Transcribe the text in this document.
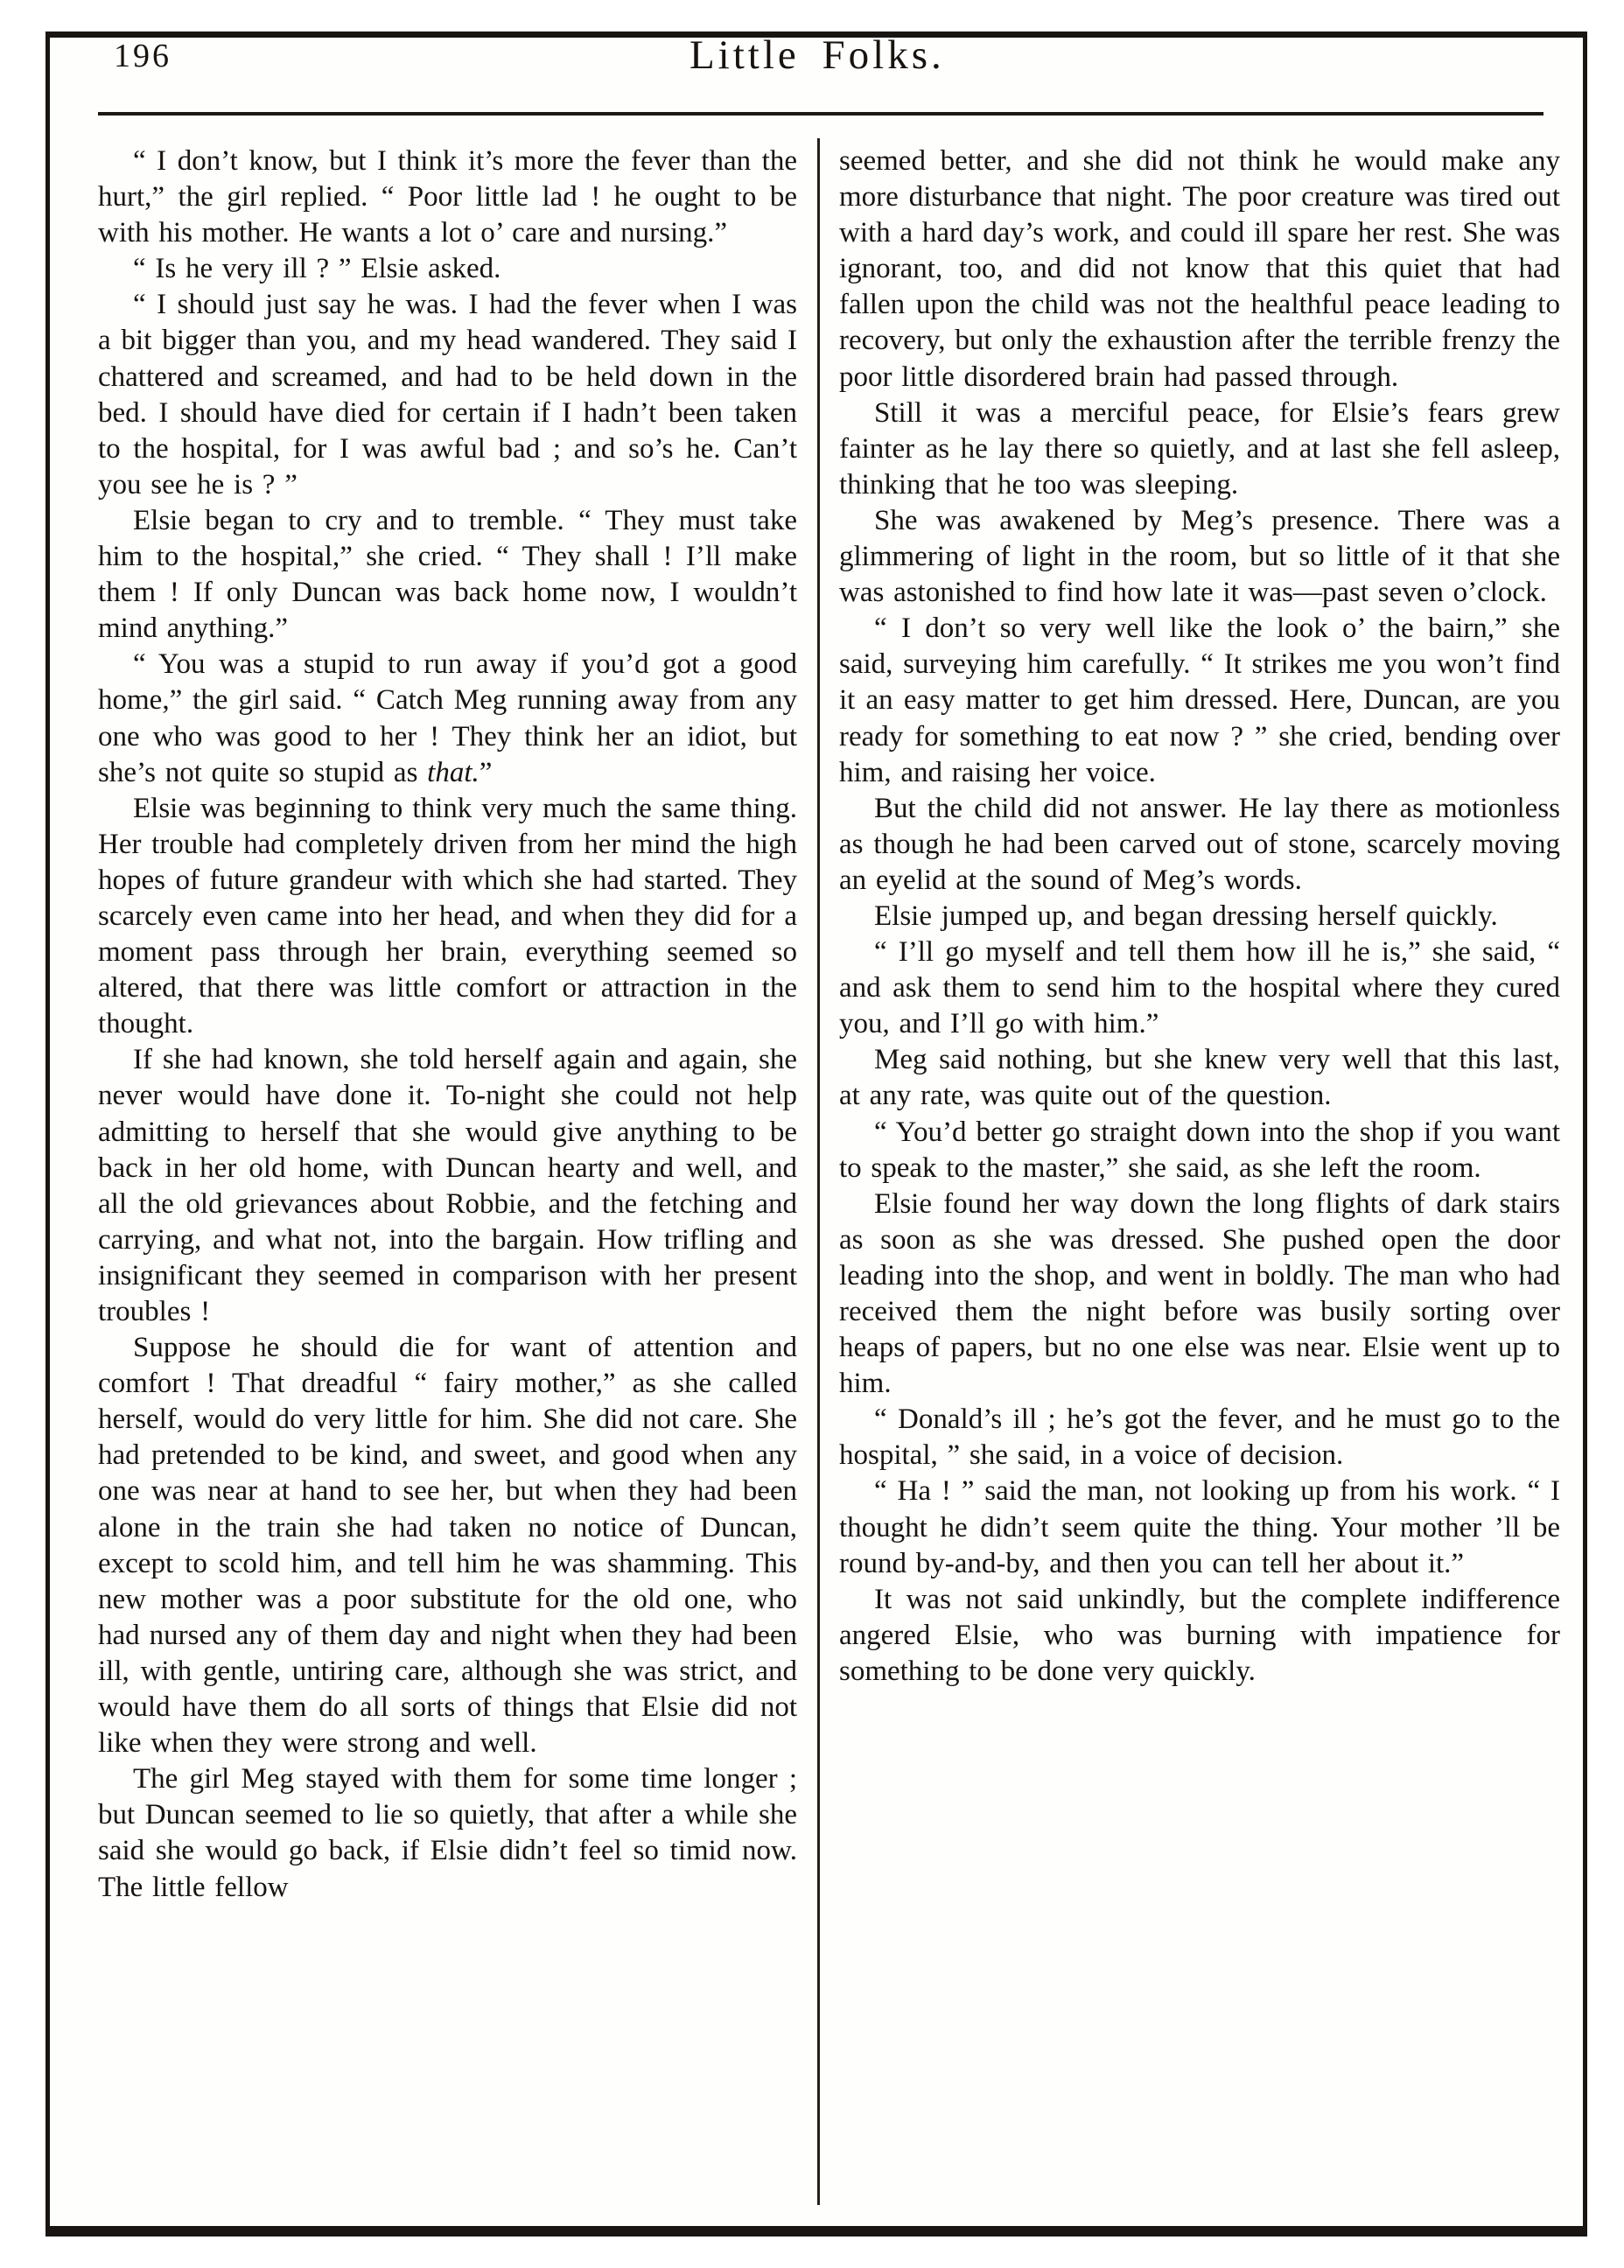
196	Little Folks.

“ I don’t know, but I think it’s more the fever than the hurt,” the girl replied. “ Poor little lad ! he ought to be with his mother. He wants a lot o’ care and nursing.”

“ Is he very ill ? ” Elsie asked.

“ I should just say he was. I had the fever when I was a bit bigger than you, and my head wandered. They said I chattered and screamed, and had to be held down in the bed. I should have died for certain if I hadn’t been taken to the hospital, for I was awful bad ; and so’s he. Can’t you see he is ? ”

Elsie began to cry and to tremble. “ They must take him to the hospital,” she cried. “ They shall ! I’ll make them ! If only Duncan was back home now, I wouldn’t mind anything.”

“ You was a stupid to run away if you’d got a good home,” the girl said. “ Catch Meg running away from any one who was good to her ! They think her an idiot, but she’s not quite so stupid as that.”

Elsie was beginning to think very much the same thing. Her trouble had completely driven from her mind the high hopes of future grandeur with which she had started. They scarcely even came into her head, and when they did for a moment pass through her brain, everything seemed so altered, that there was little comfort or attraction in the thought.

If she had known, she told herself again and again, she never would have done it. To-night she could not help admitting to herself that she would give anything to be back in her old home, with Duncan hearty and well, and all the old grievances about Robbie, and the fetching and carrying, and what not, into the bargain. How trifling and insignificant they seemed in comparison with her present troubles !

Suppose he should die for want of attention and comfort ! That dreadful “ fairy mother,” as she called herself, would do very little for him. She did not care. She had pretended to be kind, and sweet, and good when any one was near at hand to see her, but when they had been alone in the train she had taken no notice of Duncan, except to scold him, and tell him he was shamming. This new mother was a poor substitute for the old one, who had nursed any of them day and night when they had been ill, with gentle, untiring care, although she was strict, and would have them do all sorts of things that Elsie did not like when they were strong and well.

The girl Meg stayed with them for some time longer ; but Duncan seemed to lie so quietly, that after a while she said she would go back, if Elsie didn’t feel so timid now. The little fellow

seemed better, and she did not think he would make any more disturbance that night. The poor creature was tired out with a hard day’s work, and could ill spare her rest. She was ignorant, too, and did not know that this quiet that had fallen upon the child was not the healthful peace leading to recovery, but only the exhaustion after the terrible frenzy the poor little disordered brain had passed through.

Still it was a merciful peace, for Elsie’s fears grew fainter as he lay there so quietly, and at last she fell asleep, thinking that he too was sleeping.

She was awakened by Meg’s presence. There was a glimmering of light in the room, but so little of it that she was astonished to find how late it was—past seven o’clock.

“ I don’t so very well like the look o’ the bairn,” she said, surveying him carefully. “ It strikes me you won’t find it an easy matter to get him dressed. Here, Duncan, are you ready for something to eat now ? ” she cried, bending over him, and raising her voice.

But the child did not answer. He lay there as motionless as though he had been carved out of stone, scarcely moving an eyelid at the sound of Meg’s words.

Elsie jumped up, and began dressing herself quickly.

“ I’ll go myself and tell them how ill he is,” she said, “ and ask them to send him to the hospital where they cured you, and I’ll go with him.”

Meg said nothing, but she knew very well that this last, at any rate, was quite out of the question.

“ You’d better go straight down into the shop if you want to speak to the master,” she said, as she left the room.

Elsie found her way down the long flights of dark stairs as soon as she was dressed. She pushed open the door leading into the shop, and went in boldly. The man who had received them the night before was busily sorting over heaps of papers, but no one else was near. Elsie went up to him.

“ Donald’s ill ; he’s got the fever, and he must go to the hospital, ” she said, in a voice of decision.

“ Ha ! ” said the man, not looking up from his work. “ I thought he didn’t seem quite the thing. Your mother ’ll be round by-and-by, and then you can tell her about it.”

It was not said unkindly, but the complete indifference angered Elsie, who was burning with impatience for something to be done very quickly.
